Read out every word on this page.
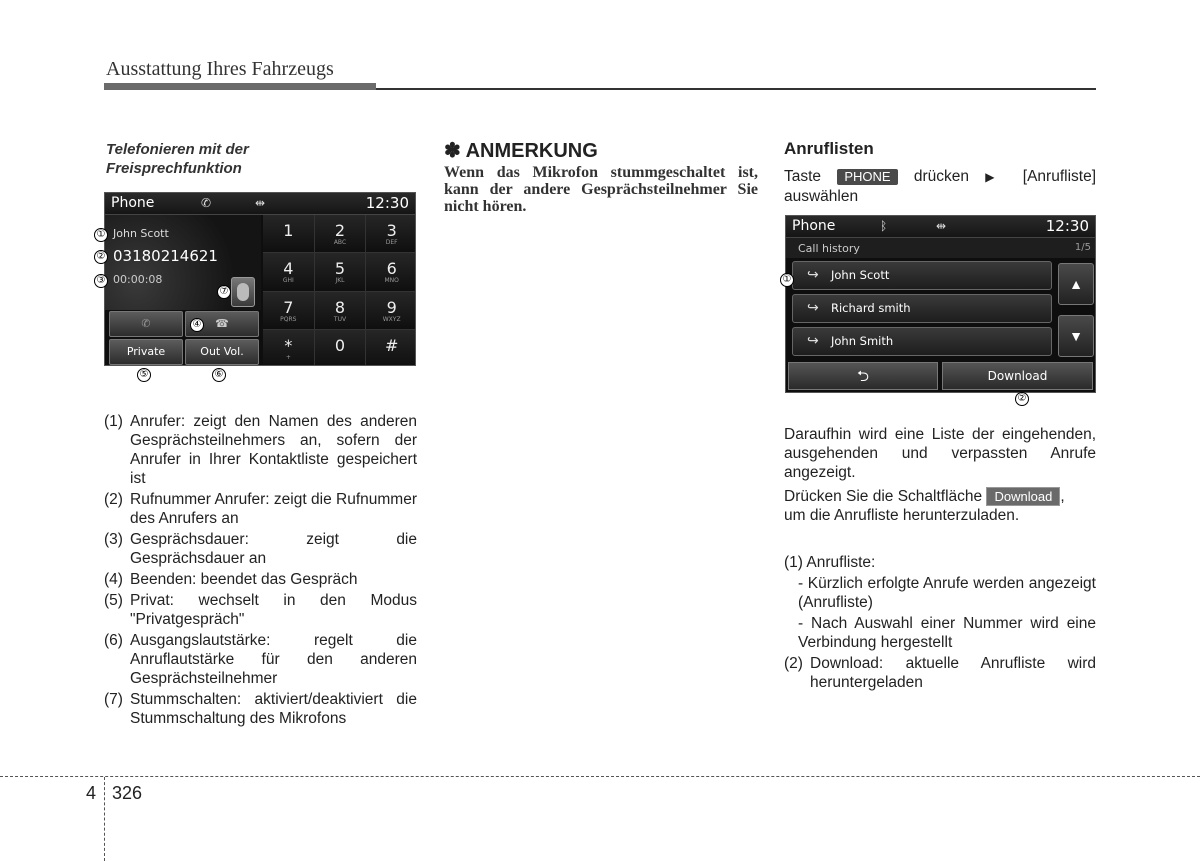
Ausstattung Ihres Fahrzeugs
Telefonieren mit der
Freisprechfunktion
Phone	✆	⇹	12:30
John Scott
03180214621
00:00:08
✆	☎
Private	Out Vol.
1	2
ABC
3
DEF
4
GHI
5
JKL
6
MNO
7
PQRS
8
TUV
9
WXYZ
*
+
0	#
①
②
③
④
⑤	⑥
⑦
(1) Anrufer: zeigt den Namen des anderen Gesprächsteilnehmers an, sofern der Anrufer in Ihrer Kontaktliste gespeichert ist
(2) Rufnummer Anrufer: zeigt die Rufnummer des Anrufers an
(3) Gesprächsdauer: zeigt die Gesprächsdauer an
(4) Beenden: beendet das Gespräch
(5) Privat: wechselt in den Modus "Privatgespräch"
(6) Ausgangslautstärke: regelt die Anruflautstärke für den anderen Gesprächsteilnehmer
(7) Stummschalten: aktiviert/deaktiviert die Stummschaltung des Mikrofons
✽ ANMERKUNG
Wenn das Mikrofon stummgeschaltet ist, kann der andere Gesprächsteilnehmer Sie nicht hören.
Anruflisten
Taste PHONE drücken ▶ [Anrufliste] auswählen
Phone	ᛒ	⇹	12:30
Call history	1/5
↪ John Scott
↪ Richard smith
↪ John Smith
▲
▼
⮌	Download
①
②
Daraufhin wird eine Liste der eingehenden, ausgehenden und verpassten Anrufe angezeigt.
Drücken Sie die Schaltfläche Download ,
um die Anrufliste herunterzuladen.
(1) Anrufliste:
- Kürzlich erfolgte Anrufe werden angezeigt (Anrufliste)
- Nach Auswahl einer Nummer wird eine Verbindung hergestellt
(2) Download: aktuelle Anrufliste wird heruntergeladen
4 326
